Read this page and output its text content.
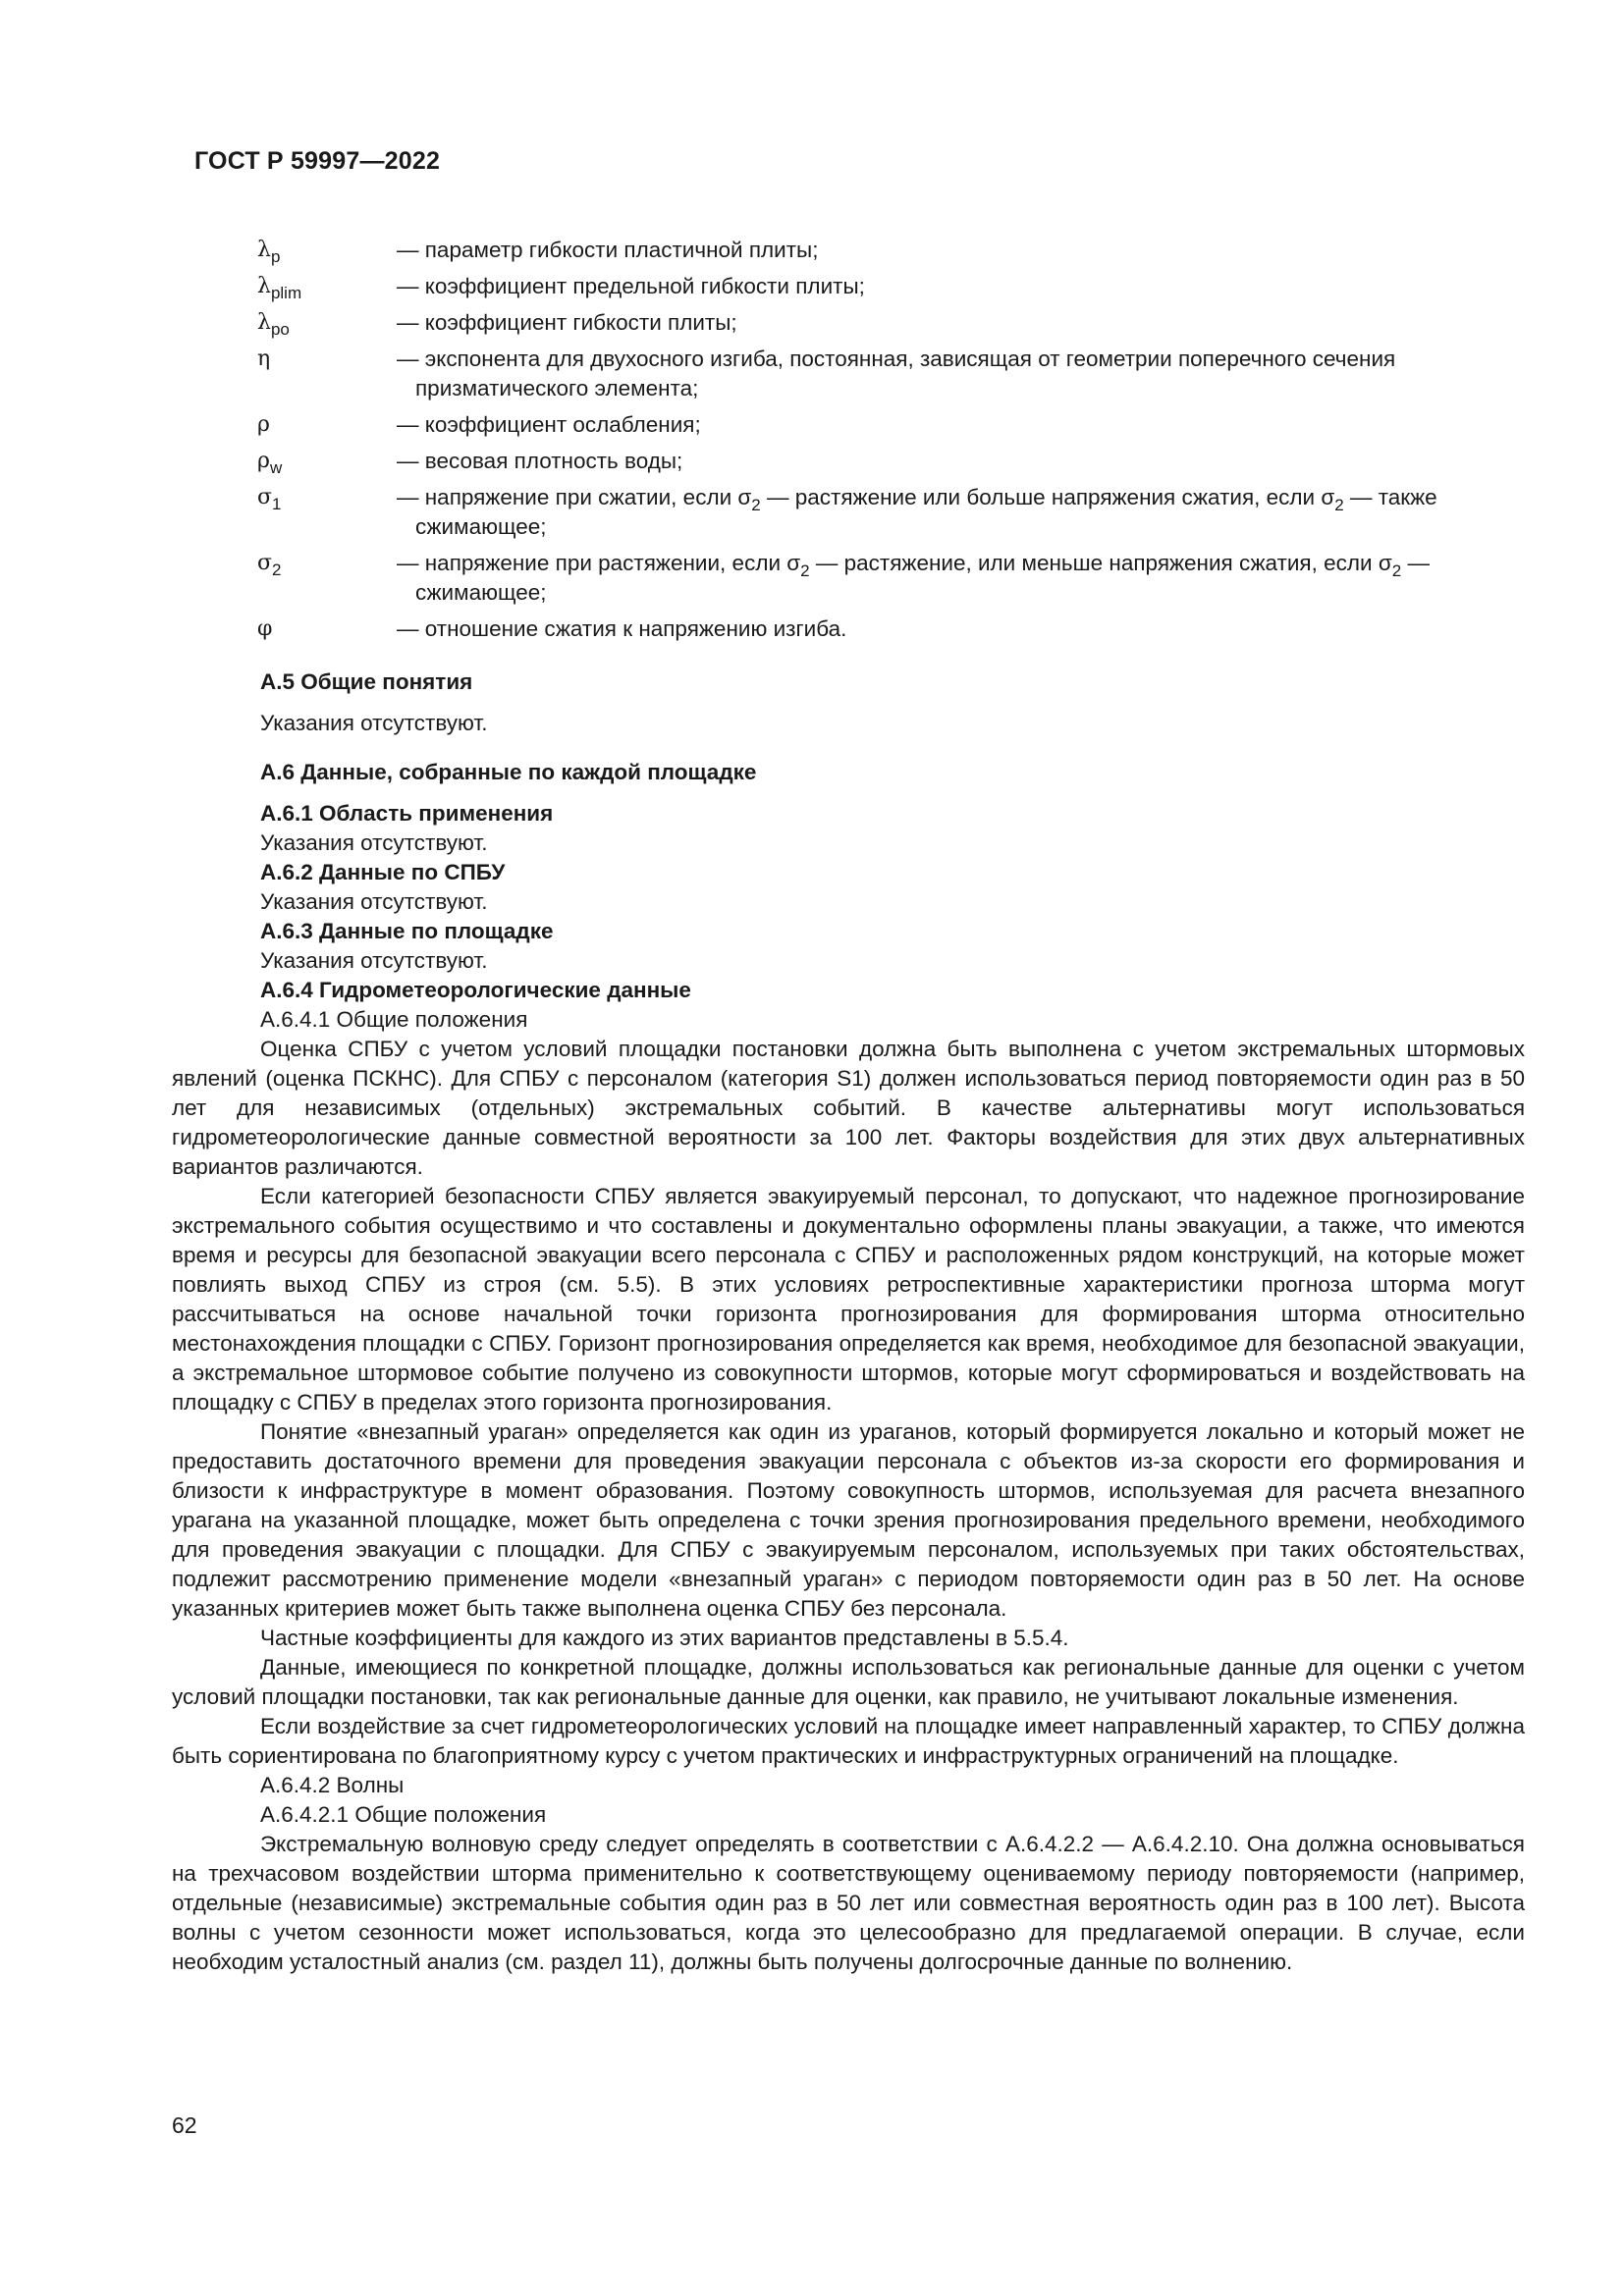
ГОСТ Р 59997—2022
$\lambda_p$	— параметр гибкости пластичной плиты;
$\lambda_{plim}$	— коэффициент предельной гибкости плиты;
$\lambda_{po}$	— коэффициент гибкости плиты;
η	— экспонента для двухосного изгиба, постоянная, зависящая от геометрии поперечного сечения призматического элемента;
ρ	— коэффициент ослабления;
$\rho_w$	— весовая плотность воды;
$\sigma_1$	— напряжение при сжатии, если $\sigma_2$ — растяжение или больше напряжения сжатия, если $\sigma_2$ — также сжимающее;
$\sigma_2$	— напряжение при растяжении, если $\sigma_2$ — растяжение, или меньше напряжения сжатия, если $\sigma_2$ — сжимающее;
φ	— отношение сжатия к напряжению изгиба.

А.5 Общие понятия

Указания отсутствуют.

А.6 Данные, собранные по каждой площадке

А.6.1 Область применения

Указания отсутствуют.

А.6.2 Данные по СПБУ

Указания отсутствуют.

А.6.3 Данные по площадке

Указания отсутствуют.

А.6.4 Гидрометеорологические данные

А.6.4.1 Общие положения

Оценка СПБУ с учетом условий площадки постановки должна быть выполнена с учетом экстремальных штормовых явлений (оценка ПСКНС). Для СПБУ с персоналом (категория S1) должен использоваться период повторяемости один раз в 50 лет для независимых (отдельных) экстремальных событий. В качестве альтернативы могут использоваться гидрометеорологические данные совместной вероятности за 100 лет. Факторы воздействия для этих двух альтернативных вариантов различаются.

Если категорией безопасности СПБУ является эвакуируемый персонал, то допускают, что надежное прогнозирование экстремального события осуществимо и что составлены и документально оформлены планы эвакуации, а также, что имеются время и ресурсы для безопасной эвакуации всего персонала с СПБУ и расположенных рядом конструкций, на которые может повлиять выход СПБУ из строя (см. 5.5). В этих условиях ретроспективные характеристики прогноза шторма могут рассчитываться на основе начальной точки горизонта прогнозирования для формирования шторма относительно местонахождения площадки с СПБУ. Горизонт прогнозирования определяется как время, необходимое для безопасной эвакуации, а экстремальное штормовое событие получено из совокупности штормов, которые могут сформироваться и воздействовать на площадку с СПБУ в пределах этого горизонта прогнозирования.

Понятие «внезапный ураган» определяется как один из ураганов, который формируется локально и который может не предоставить достаточного времени для проведения эвакуации персонала с объектов из-за скорости его формирования и близости к инфраструктуре в момент образования. Поэтому совокупность штормов, используемая для расчета внезапного урагана на указанной площадке, может быть определена с точки зрения прогнозирования предельного времени, необходимого для проведения эвакуации с площадки. Для СПБУ с эвакуируемым персоналом, используемых при таких обстоятельствах, подлежит рассмотрению применение модели «внезапный ураган» с периодом повторяемости один раз в 50 лет. На основе указанных критериев может быть также выполнена оценка СПБУ без персонала.

Частные коэффициенты для каждого из этих вариантов представлены в 5.5.4.

Данные, имеющиеся по конкретной площадке, должны использоваться как региональные данные для оценки с учетом условий площадки постановки, так как региональные данные для оценки, как правило, не учитывают локальные изменения.

Если воздействие за счет гидрометеорологических условий на площадке имеет направленный характер, то СПБУ должна быть сориентирована по благоприятному курсу с учетом практических и инфраструктурных ограничений на площадке.

А.6.4.2 Волны

А.6.4.2.1 Общие положения

Экстремальную волновую среду следует определять в соответствии с А.6.4.2.2 — А.6.4.2.10. Она должна основываться на трехчасовом воздействии шторма применительно к соответствующему оцениваемому периоду повторяемости (например, отдельные (независимые) экстремальные события один раз в 50 лет или совместная вероятность один раз в 100 лет). Высота волны с учетом сезонности может использоваться, когда это целесообразно для предлагаемой операции. В случае, если необходим усталостный анализ (см. раздел 11), должны быть получены долгосрочные данные по волнению.

62
